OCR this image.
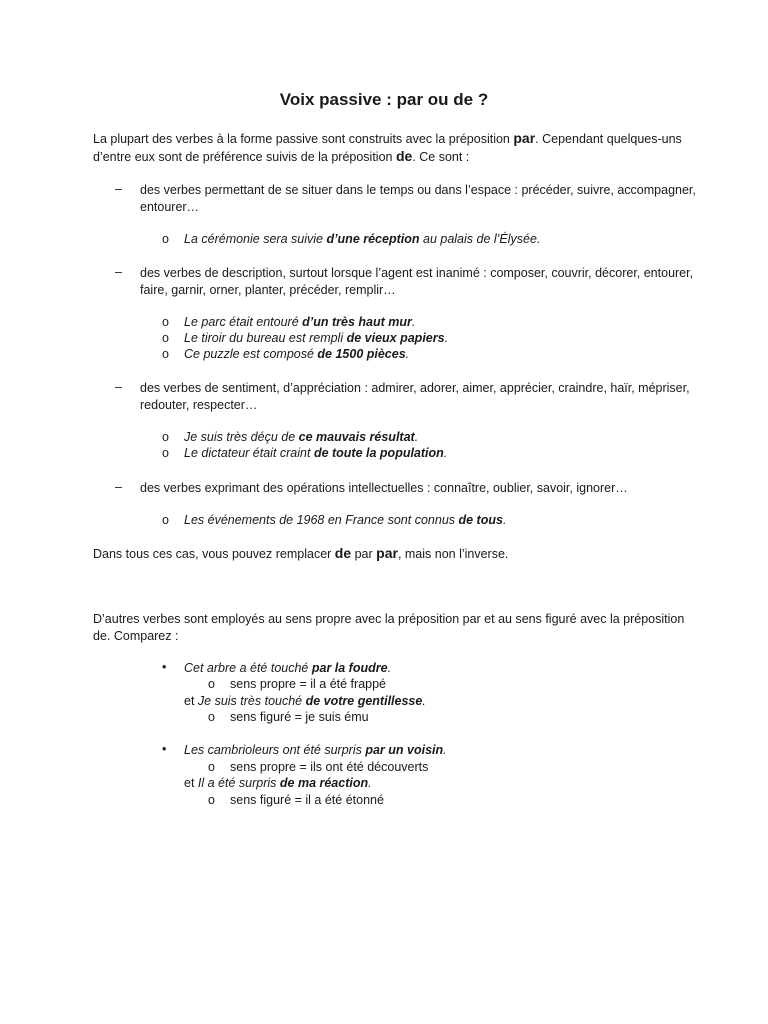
Voix passive : par ou de ?

La plupart des verbes à la forme passive sont construits avec la préposition par. Cependant quelques-uns d’entre eux sont de préférence suivis de la préposition de. Ce sont :

– des verbes permettant de se situer dans le temps ou dans l’espace : précéder, suivre, accompagner, entourer…

o La cérémonie sera suivie d’une réception au palais de l’Élysée.
– des verbes de description, surtout lorsque l’agent est inanimé : composer, couvrir, décorer, entourer, faire, garnir, orner, planter, précéder, remplir…

o Le parc était entouré d’un très haut mur.
o Le tiroir du bureau est rempli de vieux papiers.
o Ce puzzle est composé de 1500 pièces.
– des verbes de sentiment, d’appréciation : admirer, adorer, aimer, apprécier, craindre, haïr, mépriser, redouter, respecter…

o Je suis très déçu de ce mauvais résultat.
o Le dictateur était craint de toute la population.
– des verbes exprimant des opérations intellectuelles : connaître, oublier, savoir, ignorer…

o Les événements de 1968 en France sont connus de tous.

Dans tous ces cas, vous pouvez remplacer de par par, mais non l’inverse.

D’autres verbes sont employés au sens propre avec la préposition par et au sens figuré avec la préposition de. Comparez :

• Cet arbre a été touché par la foudre.
o sens propre = il a été frappé
et Je suis très touché de votre gentillesse.
o sens figuré = je suis ému
• Les cambrioleurs ont été surpris par un voisin.
o sens propre = ils ont été découverts
et Il a été surpris de ma réaction.
o sens figuré = il a été étonné
